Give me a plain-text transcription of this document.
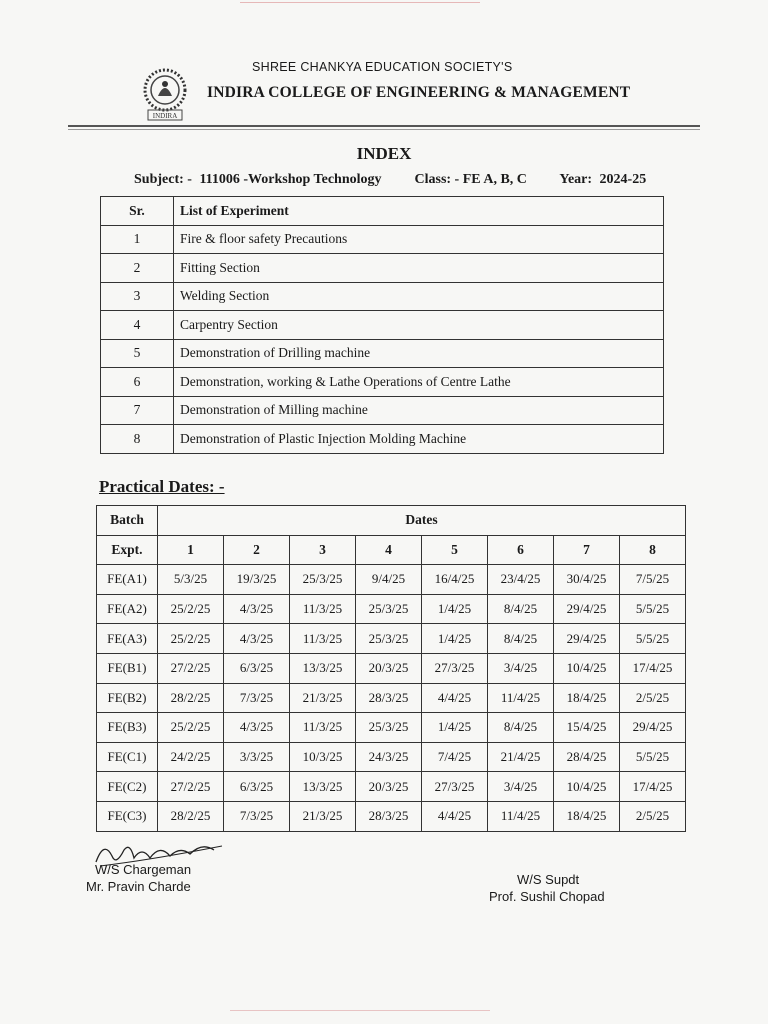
INDIRA
SHREE CHANKYA EDUCATION SOCIETY'S
INDIRA COLLEGE OF ENGINEERING & MANAGEMENT
INDEX
Subject: - 111006 -Workshop Technology Class: - FE A, B, C Year: 2024-25
Sr.	List of Experiment
1	Fire & floor safety Precautions
2	Fitting Section
3	Welding Section
4	Carpentry Section
5	Demonstration of Drilling machine
6	Demonstration, working & Lathe Operations of Centre Lathe
7	Demonstration of Milling machine
8	Demonstration of Plastic Injection Molding Machine
Practical Dates: -
Batch	Dates							
Expt.	1	2	3	4	5	6	7	8
FE(A1)	5/3/25	19/3/25	25/3/25	9/4/25	16/4/25	23/4/25	30/4/25	7/5/25
FE(A2)	25/2/25	4/3/25	11/3/25	25/3/25	1/4/25	8/4/25	29/4/25	5/5/25
FE(A3)	25/2/25	4/3/25	11/3/25	25/3/25	1/4/25	8/4/25	29/4/25	5/5/25
FE(B1)	27/2/25	6/3/25	13/3/25	20/3/25	27/3/25	3/4/25	10/4/25	17/4/25
FE(B2)	28/2/25	7/3/25	21/3/25	28/3/25	4/4/25	11/4/25	18/4/25	2/5/25
FE(B3)	25/2/25	4/3/25	11/3/25	25/3/25	1/4/25	8/4/25	15/4/25	29/4/25
FE(C1)	24/2/25	3/3/25	10/3/25	24/3/25	7/4/25	21/4/25	28/4/25	5/5/25
FE(C2)	27/2/25	6/3/25	13/3/25	20/3/25	27/3/25	3/4/25	10/4/25	17/4/25
FE(C3)	28/2/25	7/3/25	21/3/25	28/3/25	4/4/25	11/4/25	18/4/25	2/5/25
W/S Chargeman
Mr. Pravin Charde	W/S Supdt
Prof. Sushil Chopad
